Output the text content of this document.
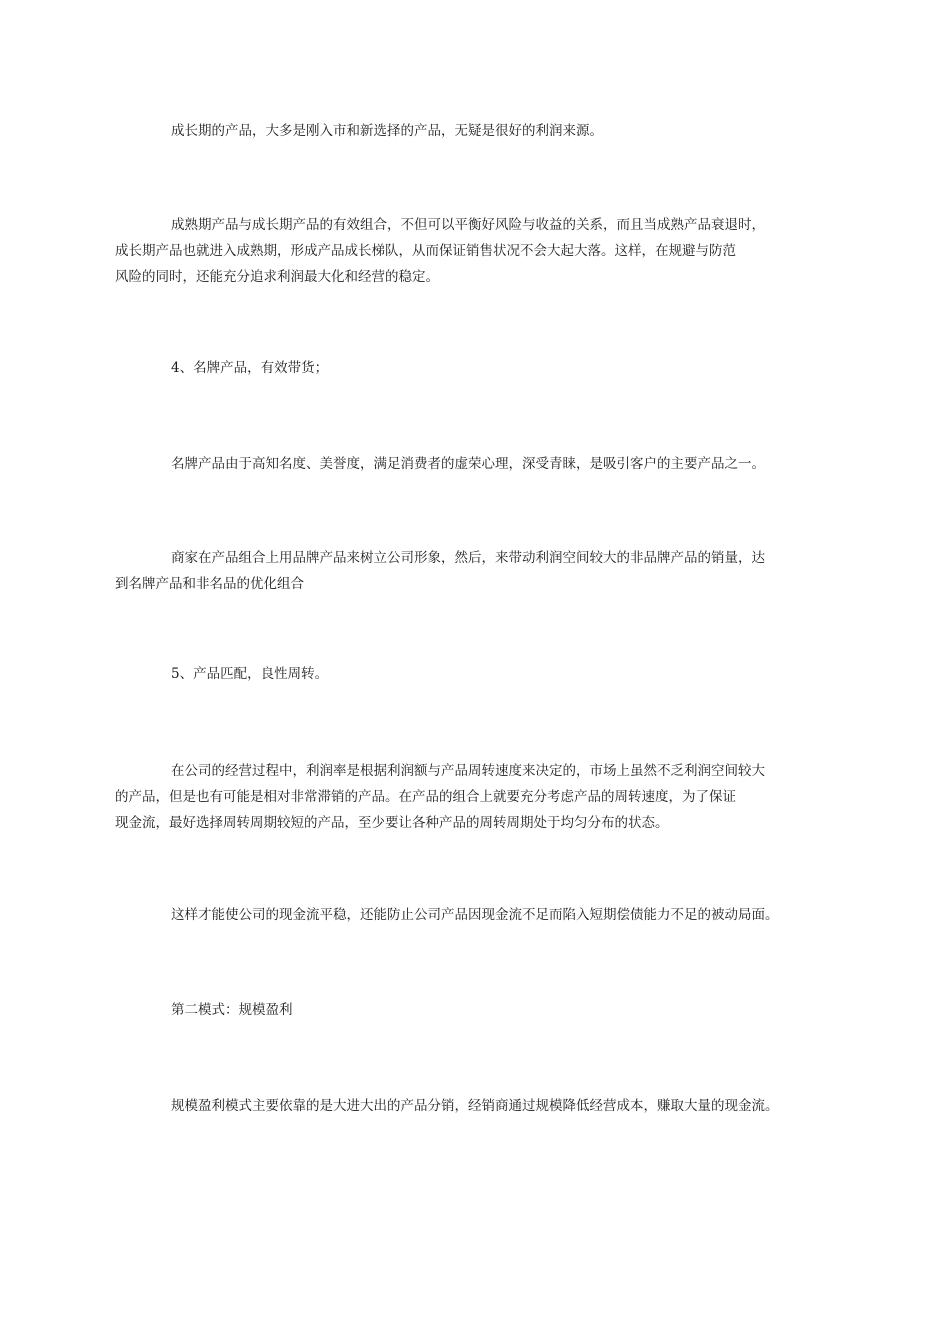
成长期的产品，大多是刚入市和新选择的产品，无疑是很好的利润来源。

成熟期产品与成长期产品的有效组合，不但可以平衡好风险与收益的关系，而且当成熟产品衰退时，
成长期产品也就进入成熟期，形成产品成长梯队，从而保证销售状况不会大起大落。这样，在规避与防范
风险的同时，还能充分追求利润最大化和经营的稳定。

4、名牌产品，有效带货；

名牌产品由于高知名度、美誉度，满足消费者的虚荣心理，深受青睐，是吸引客户的主要产品之一。

商家在产品组合上用品牌产品来树立公司形象，然后，来带动利润空间较大的非品牌产品的销量，达
到名牌产品和非名品的优化组合

5、产品匹配，良性周转。

在公司的经营过程中，利润率是根据利润额与产品周转速度来决定的，市场上虽然不乏利润空间较大
的产品，但是也有可能是相对非常滞销的产品。在产品的组合上就要充分考虑产品的周转速度，为了保证
现金流，最好选择周转周期较短的产品，至少要让各种产品的周转周期处于均匀分布的状态。

这样才能使公司的现金流平稳，还能防止公司产品因现金流不足而陷入短期偿债能力不足的被动局面。

第二模式：规模盈利

规模盈利模式主要依靠的是大进大出的产品分销，经销商通过规模降低经营成本，赚取大量的现金流。
